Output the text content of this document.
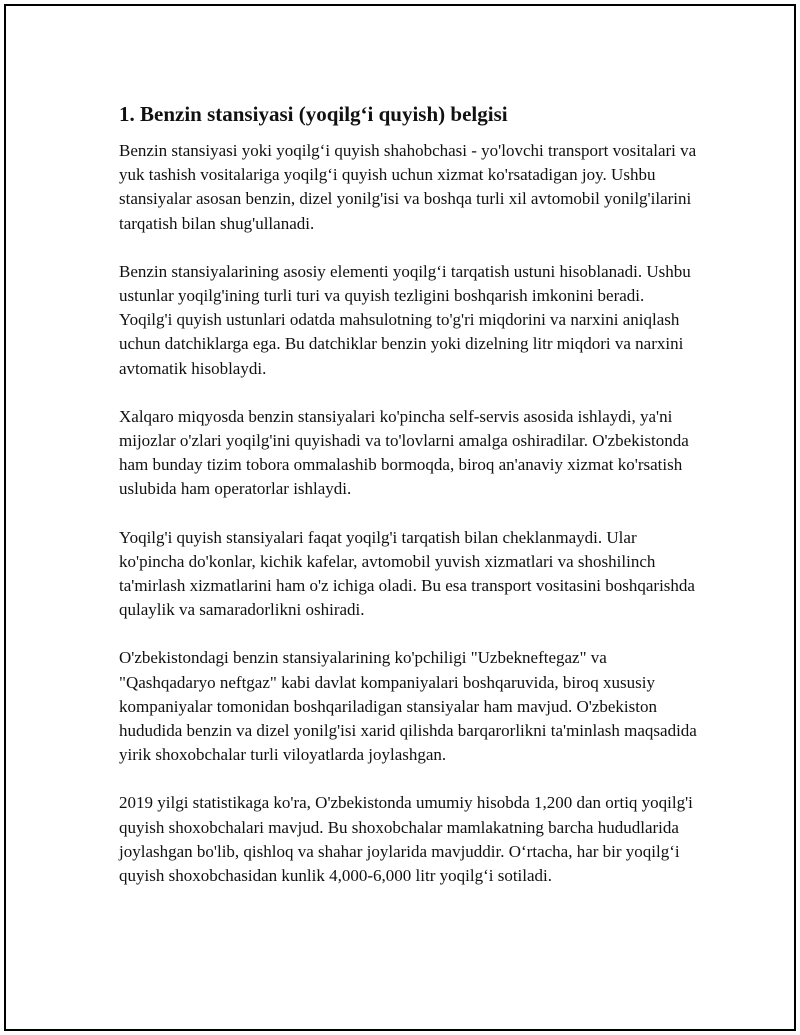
1. Benzin stansiyasi (yoqilg‘i quyish) belgisi

Benzin stansiyasi yoki yoqilg‘i quyish shahobchasi - yo'lovchi transport vositalari va yuk tashish vositalariga yoqilg‘i quyish uchun xizmat ko'rsatadigan joy. Ushbu stansiyalar asosan benzin, dizel yonilg'isi va boshqa turli xil avtomobil yonilg'ilarini tarqatish bilan shug'ullanadi.

Benzin stansiyalarining asosiy elementi yoqilg‘i tarqatish ustuni hisoblanadi. Ushbu ustunlar yoqilg'ining turli turi va quyish tezligini boshqarish imkonini beradi. Yoqilg'i quyish ustunlari odatda mahsulotning to'g'ri miqdorini va narxini aniqlash uchun datchiklarga ega. Bu datchiklar benzin yoki dizelning litr miqdori va narxini avtomatik hisoblaydi.

Xalqaro miqyosda benzin stansiyalari ko'pincha self-servis asosida ishlaydi, ya'ni mijozlar o'zlari yoqilg'ini quyishadi va to'lovlarni amalga oshiradilar. O'zbekistonda ham bunday tizim tobora ommalashib bormoqda, biroq an'anaviy xizmat ko'rsatish uslubida ham operatorlar ishlaydi.

Yoqilg'i quyish stansiyalari faqat yoqilg'i tarqatish bilan cheklanmaydi. Ular ko'pincha do'konlar, kichik kafelar, avtomobil yuvish xizmatlari va shoshilinch ta'mirlash xizmatlarini ham o'z ichiga oladi. Bu esa transport vositasini boshqarishda qulaylik va samaradorlikni oshiradi.

O'zbekistondagi benzin stansiyalarining ko'pchiligi "Uzbekneftegaz" va "Qashqadaryo neftgaz" kabi davlat kompaniyalari boshqaruvida, biroq xususiy kompaniyalar tomonidan boshqariladigan stansiyalar ham mavjud. O'zbekiston hududida benzin va dizel yonilg'isi xarid qilishda barqarorlikni ta'minlash maqsadida yirik shoxobchalar turli viloyatlarda joylashgan.

2019 yilgi statistikaga ko'ra, O'zbekistonda umumiy hisobda 1,200 dan ortiq yoqilg'i quyish shoxobchalari mavjud. Bu shoxobchalar mamlakatning barcha hududlarida joylashgan bo'lib, qishloq va shahar joylarida mavjuddir. O‘rtacha, har bir yoqilg‘i quyish shoxobchasidan kunlik 4,000-6,000 litr yoqilg‘i sotiladi.
